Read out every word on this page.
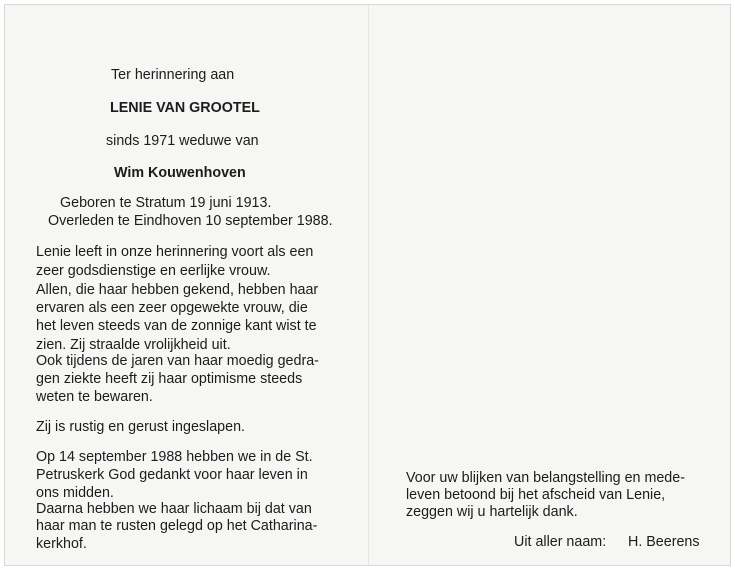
Ter herinnering aan
LENIE VAN GROOTEL
sinds 1971 weduwe van
Wim Kouwenhoven
Geboren te Stratum 19 juni 1913.
Overleden te Eindhoven 10 september 1988.
Lenie leeft in onze herinnering voort als een
zeer godsdienstige en eerlijke vrouw.
Allen, die haar hebben gekend, hebben haar
ervaren als een zeer opgewekte vrouw, die
het leven steeds van de zonnige kant wist te
zien. Zij straalde vrolijkheid uit.
Ook tijdens de jaren van haar moedig gedra-
gen ziekte heeft zij haar optimisme steeds
weten te bewaren.
Zij is rustig en gerust ingeslapen.
Op 14 september 1988 hebben we in de St.
Petruskerk God gedankt voor haar leven in
ons midden.
Daarna hebben we haar lichaam bij dat van
haar man te rusten gelegd op het Catharina-
kerkhof.
Voor uw blijken van belangstelling en mede-
leven betoond bij het afscheid van Lenie,
zeggen wij u hartelijk dank.
Uit aller naam: H. Beerens
